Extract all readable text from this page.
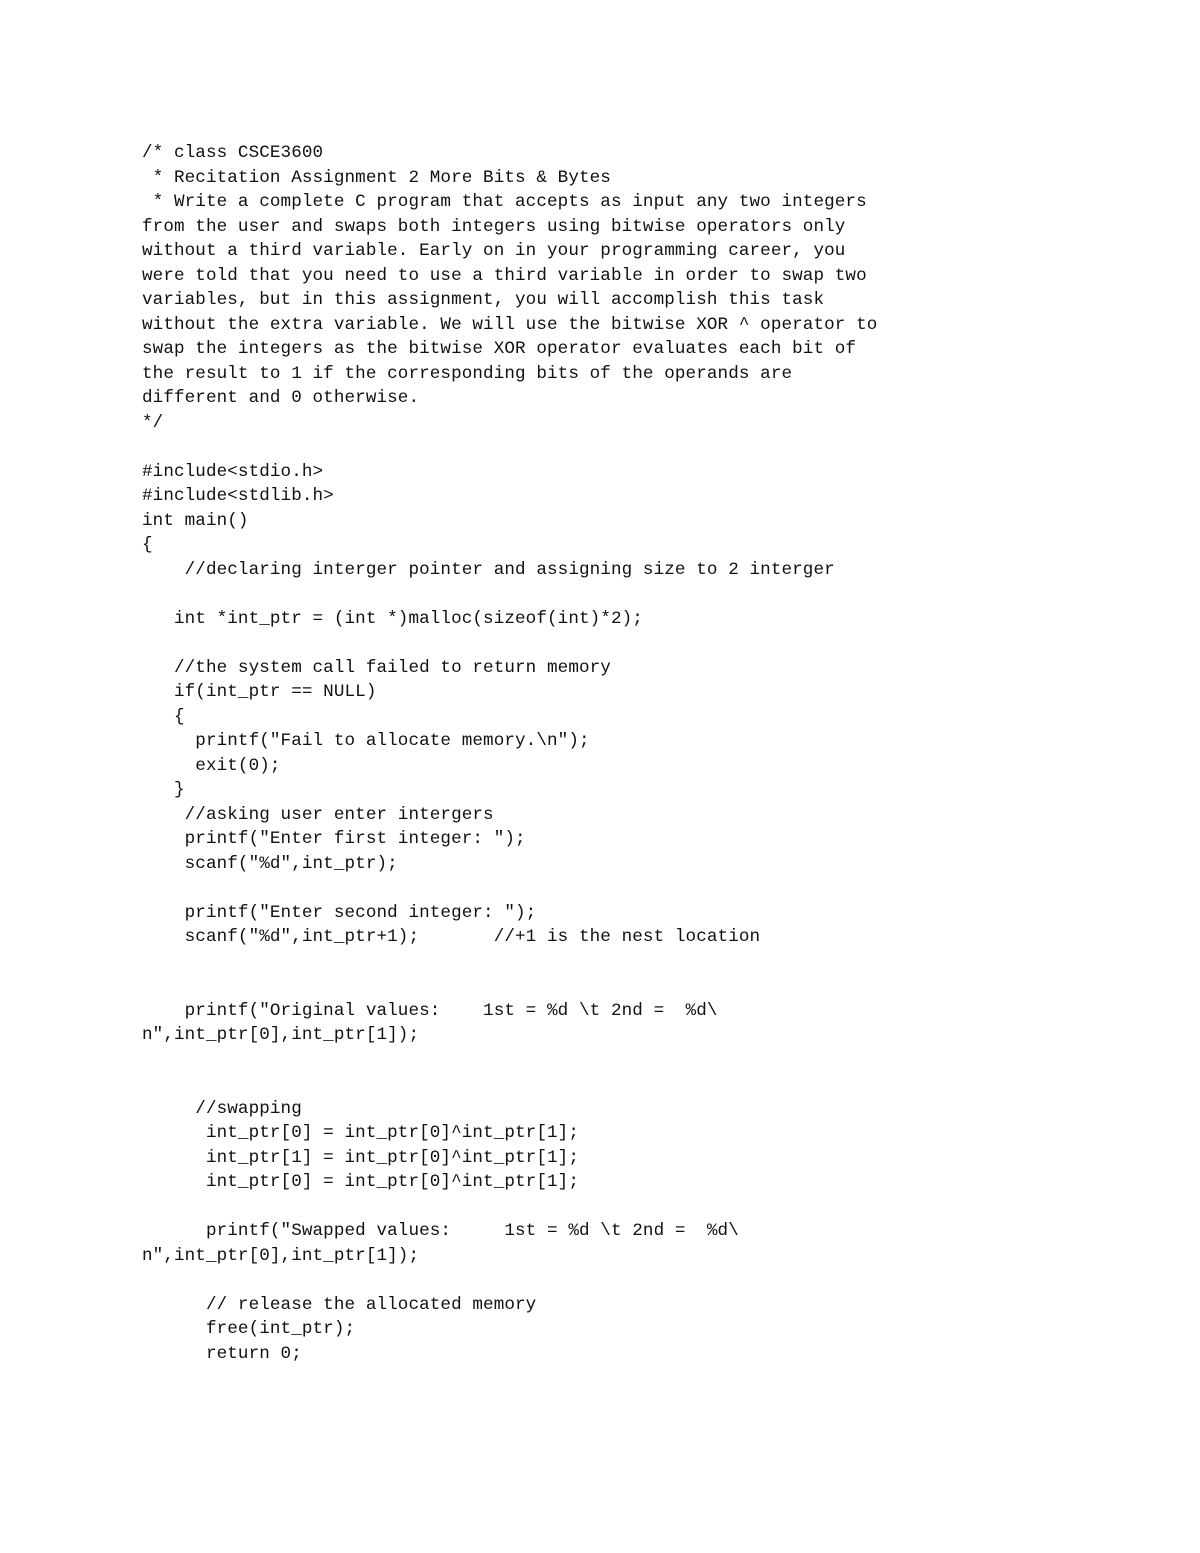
/* class CSCE3600
* Recitation Assignment 2 More Bits & Bytes
* Write a complete C program that accepts as input any two integers
from the user and swaps both integers using bitwise operators only
without a third variable. Early on in your programming career, you
were told that you need to use a third variable in order to swap two
variables, but in this assignment, you will accomplish this task
without the extra variable. We will use the bitwise XOR ^ operator to
swap the integers as the bitwise XOR operator evaluates each bit of
the result to 1 if the corresponding bits of the operands are
different and 0 otherwise.
*/
#include<stdio.h>
#include<stdlib.h>
int main()
{
//declaring interger pointer and assigning size to 2 interger
int *int_ptr = (int *)malloc(sizeof(int)*2);
//the system call failed to return memory
if(int_ptr == NULL)
{
printf("Fail to allocate memory.\n");
exit(0);
}
//asking user enter intergers
printf("Enter first integer: ");
scanf("%d",int_ptr);
printf("Enter second integer: ");
scanf("%d",int_ptr+1);       //+1 is the nest location
printf("Original values:    1st = %d \t 2nd =  %d\
n",int_ptr[0],int_ptr[1]);
//swapping
int_ptr[0] = int_ptr[0]^int_ptr[1];
int_ptr[1] = int_ptr[0]^int_ptr[1];
int_ptr[0] = int_ptr[0]^int_ptr[1];
printf("Swapped values:     1st = %d \t 2nd =  %d\
n",int_ptr[0],int_ptr[1]);
// release the allocated memory
free(int_ptr);
return 0;
